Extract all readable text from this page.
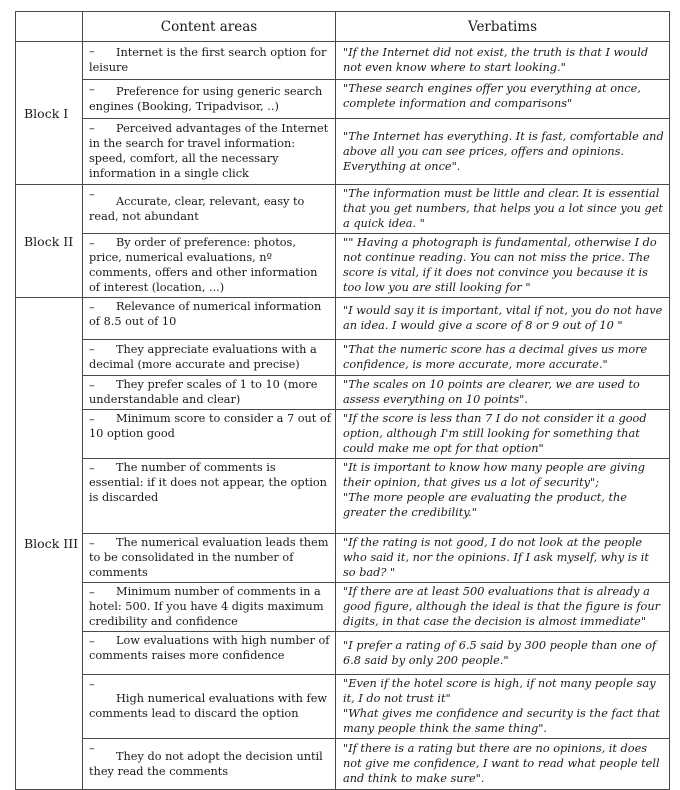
	Content areas	Verbatims
Block I	– Internet is the first search option for leisure	"If the Internet did not exist, the truth is that I would not even know where to start looking."

	– Preference for using generic search engines (Booking, Tripadvisor, ..)	"These search engines offer you everything at once, complete information and comparisons"

	– Perceived advantages of the Internet in the search for travel information: speed, comfort, all the necessary information in a single click	"The Internet has everything. It is fast, comfortable and above all you can see prices, offers and opinions. Everything at once".

Block II	– Accurate, clear, relevant, easy to read, not abundant	"The information must be little and clear. It is essential that you get numbers, that helps you a lot since you get a quick idea. "

	– By order of preference: photos, price, numerical evaluations, nº comments, offers and other information of interest (location, ...)	"" Having a photograph is fundamental, otherwise I do not continue reading. You can not miss the price. The score is vital, if it does not convince you because it is too low you are still looking for "

Block III	– Relevance of numerical information of 8.5 out of 10	"I would say it is important, vital if not, you do not have an idea. I would give a score of 8 or 9 out of 10 "

	– They appreciate evaluations with a decimal (more accurate and precise)	"That the numeric score has a decimal gives us more confidence, is more accurate, more accurate."

	– They prefer scales of 1 to 10 (more understandable and clear)	"The scales on 10 points are clearer, we are used to assess everything on 10 points".

	– Minimum score to consider a 7 out of 10 option good	"If the score is less than 7 I do not consider it a good option, although I'm still looking for something that could make me opt for that option"

	– The number of comments is essential: if it does not appear, the option is discarded	"It is important to know how many people are giving their opinion, that gives us a lot of security";
"The more people are evaluating the product, the greater the credibility."

	– The numerical evaluation leads them to be consolidated in the number of comments	"If the rating is not good, I do not look at the people who said it, nor the opinions. If I ask myself, why is it so bad? "

	– Minimum number of comments in a hotel: 500. If you have 4 digits maximum credibility and confidence	"If there are at least 500 evaluations that is already a good figure, although the ideal is that the figure is four digits, in that case the decision is almost immediate"

	– Low evaluations with high number of comments raises more confidence	"I prefer a rating of 6.5 said by 300 people than one of 6.8 said by only 200 people."

	–
High numerical evaluations with few comments lead to discard the option	"Even if the hotel score is high, if not many people say it, I do not trust it"
"What gives me confidence and security is the fact that many people think the same thing".

	–
They do not adopt the decision until they read the comments	"If there is a rating but there are no opinions, it does not give me confidence, I want to read what people tell and think to make sure".
